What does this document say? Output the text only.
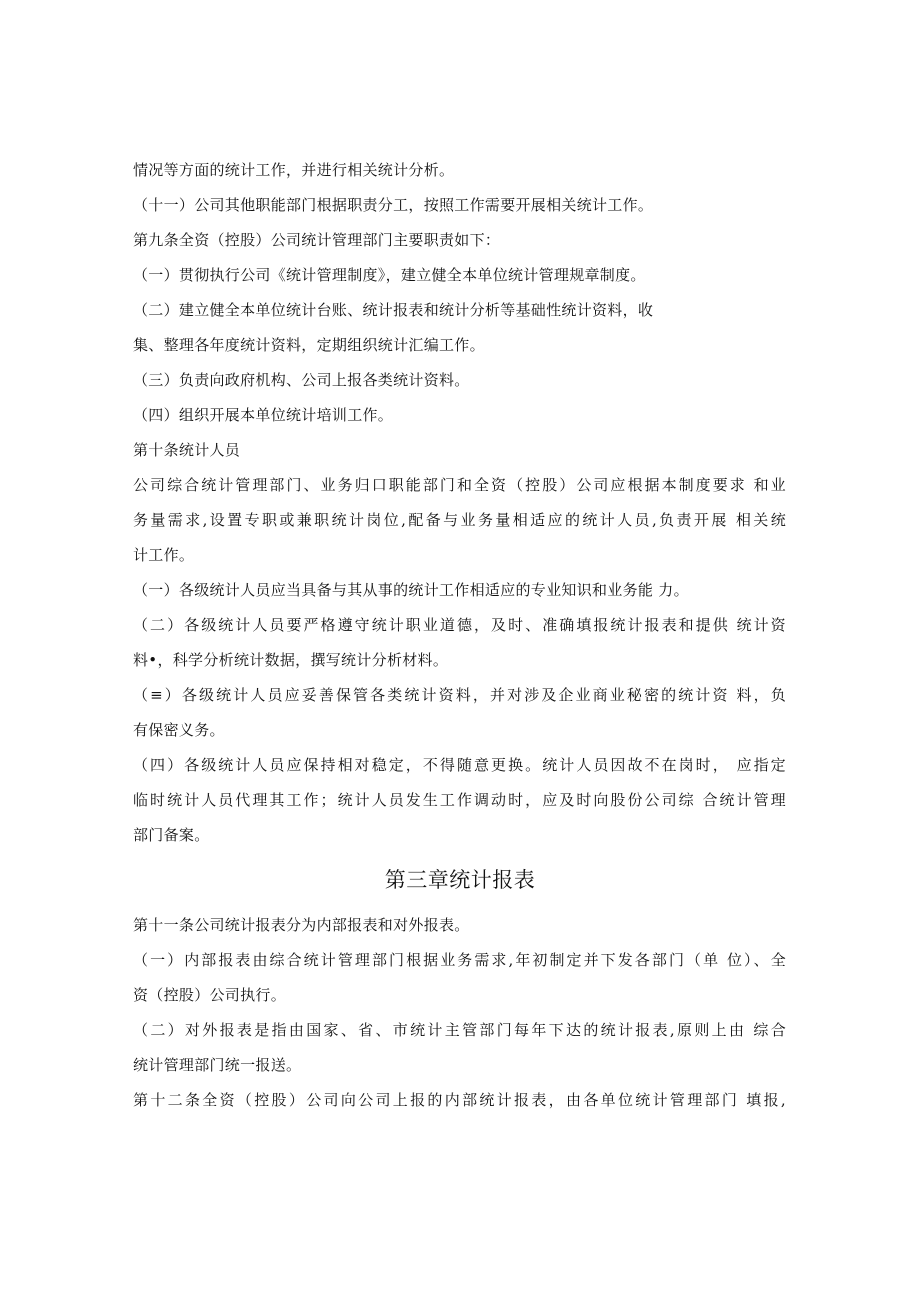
情况等方面的统计工作，并进行相关统计分析。
（十一）公司其他职能部门根据职责分工，按照工作需要开展相关统计工作。
第九条全资（控股）公司统计管理部门主要职责如下：
（一）贯彻执行公司《统计管理制度》，建立健全本单位统计管理规章制度。
（二）建立健全本单位统计台账、统计报表和统计分析等基础性统计资料，收
集、整理各年度统计资料，定期组织统计汇编工作。
（三）负责向政府机构、公司上报各类统计资料。
（四）组织开展本单位统计培训工作。
第十条统计人员
公司综合统计管理部门、业务归口职能部门和全资（控股）公司应根据本制度要求 和业
务量需求,设置专职或兼职统计岗位,配备与业务量相适应的统计人员,负责开展 相关统
计工作。
（一）各级统计人员应当具备与其从事的统计工作相适应的专业知识和业务能 力。
（二）各级统计人员要严格遵守统计职业道德，及时、准确填报统计报表和提供 统计资
料•，科学分析统计数据，撰写统计分析材料。
（≡）各级统计人员应妥善保管各类统计资料，并对涉及企业商业秘密的统计资 料，负
有保密义务。
（四）各级统计人员应保持相对稳定，不得随意更换。统计人员因故不在岗时， 应指定
临时统计人员代理其工作；统计人员发生工作调动时，应及时向股份公司综 合统计管理
部门备案。
第三章统计报表
第十一条公司统计报表分为内部报表和对外报表。
（一）内部报表由综合统计管理部门根据业务需求,年初制定并下发各部门（单 位）、全
资（控股）公司执行。
（二）对外报表是指由国家、省、市统计主管部门每年下达的统计报表,原则上由 综合
统计管理部门统一报送。
第十二条全资（控股）公司向公司上报的内部统计报表，由各单位统计管理部门 填报,
